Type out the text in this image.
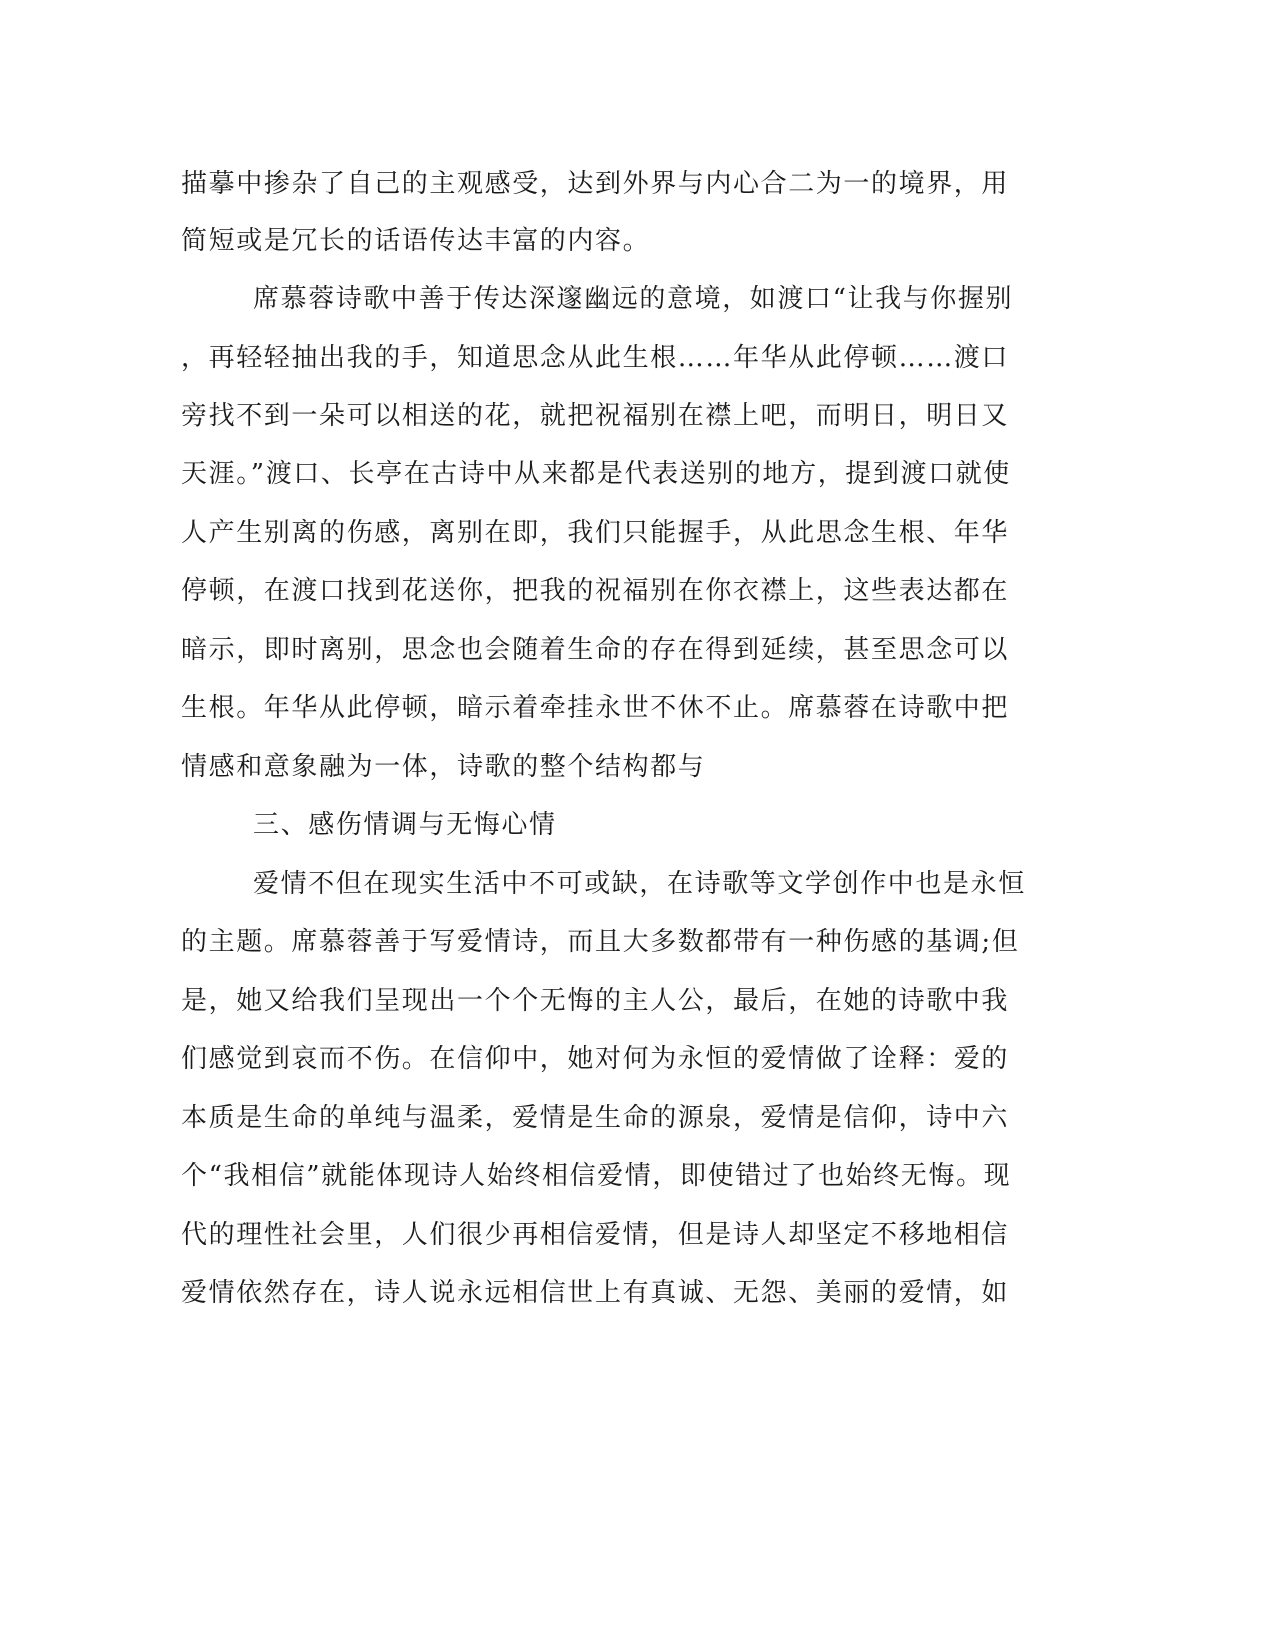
描摹中掺杂了自己的主观感受，达到外界与内心合二为一的境界，用
简短或是冗长的话语传达丰富的内容。
席慕蓉诗歌中善于传达深邃幽远的意境，如渡口“让我与你握别
，再轻轻抽出我的手，知道思念从此生根……年华从此停顿……渡口
旁找不到一朵可以相送的花，就把祝福别在襟上吧，而明日，明日又
天涯。”渡口、长亭在古诗中从来都是代表送别的地方，提到渡口就使
人产生别离的伤感，离别在即，我们只能握手，从此思念生根、年华
停顿，在渡口找到花送你，把我的祝福别在你衣襟上，这些表达都在
暗示，即时离别，思念也会随着生命的存在得到延续，甚至思念可以
生根。年华从此停顿，暗示着牵挂永世不休不止。席慕蓉在诗歌中把
情感和意象融为一体，诗歌的整个结构都与
三、感伤情调与无悔心情
爱情不但在现实生活中不可或缺，在诗歌等文学创作中也是永恒
的主题。席慕蓉善于写爱情诗，而且大多数都带有一种伤感的基调;但
是，她又给我们呈现出一个个无悔的主人公，最后，在她的诗歌中我
们感觉到哀而不伤。在信仰中，她对何为永恒的爱情做了诠释：爱的
本质是生命的单纯与温柔，爱情是生命的源泉，爱情是信仰，诗中六
个“我相信”就能体现诗人始终相信爱情，即使错过了也始终无悔。现
代的理性社会里，人们很少再相信爱情，但是诗人却坚定不移地相信
爱情依然存在，诗人说永远相信世上有真诚、无怨、美丽的爱情，如
